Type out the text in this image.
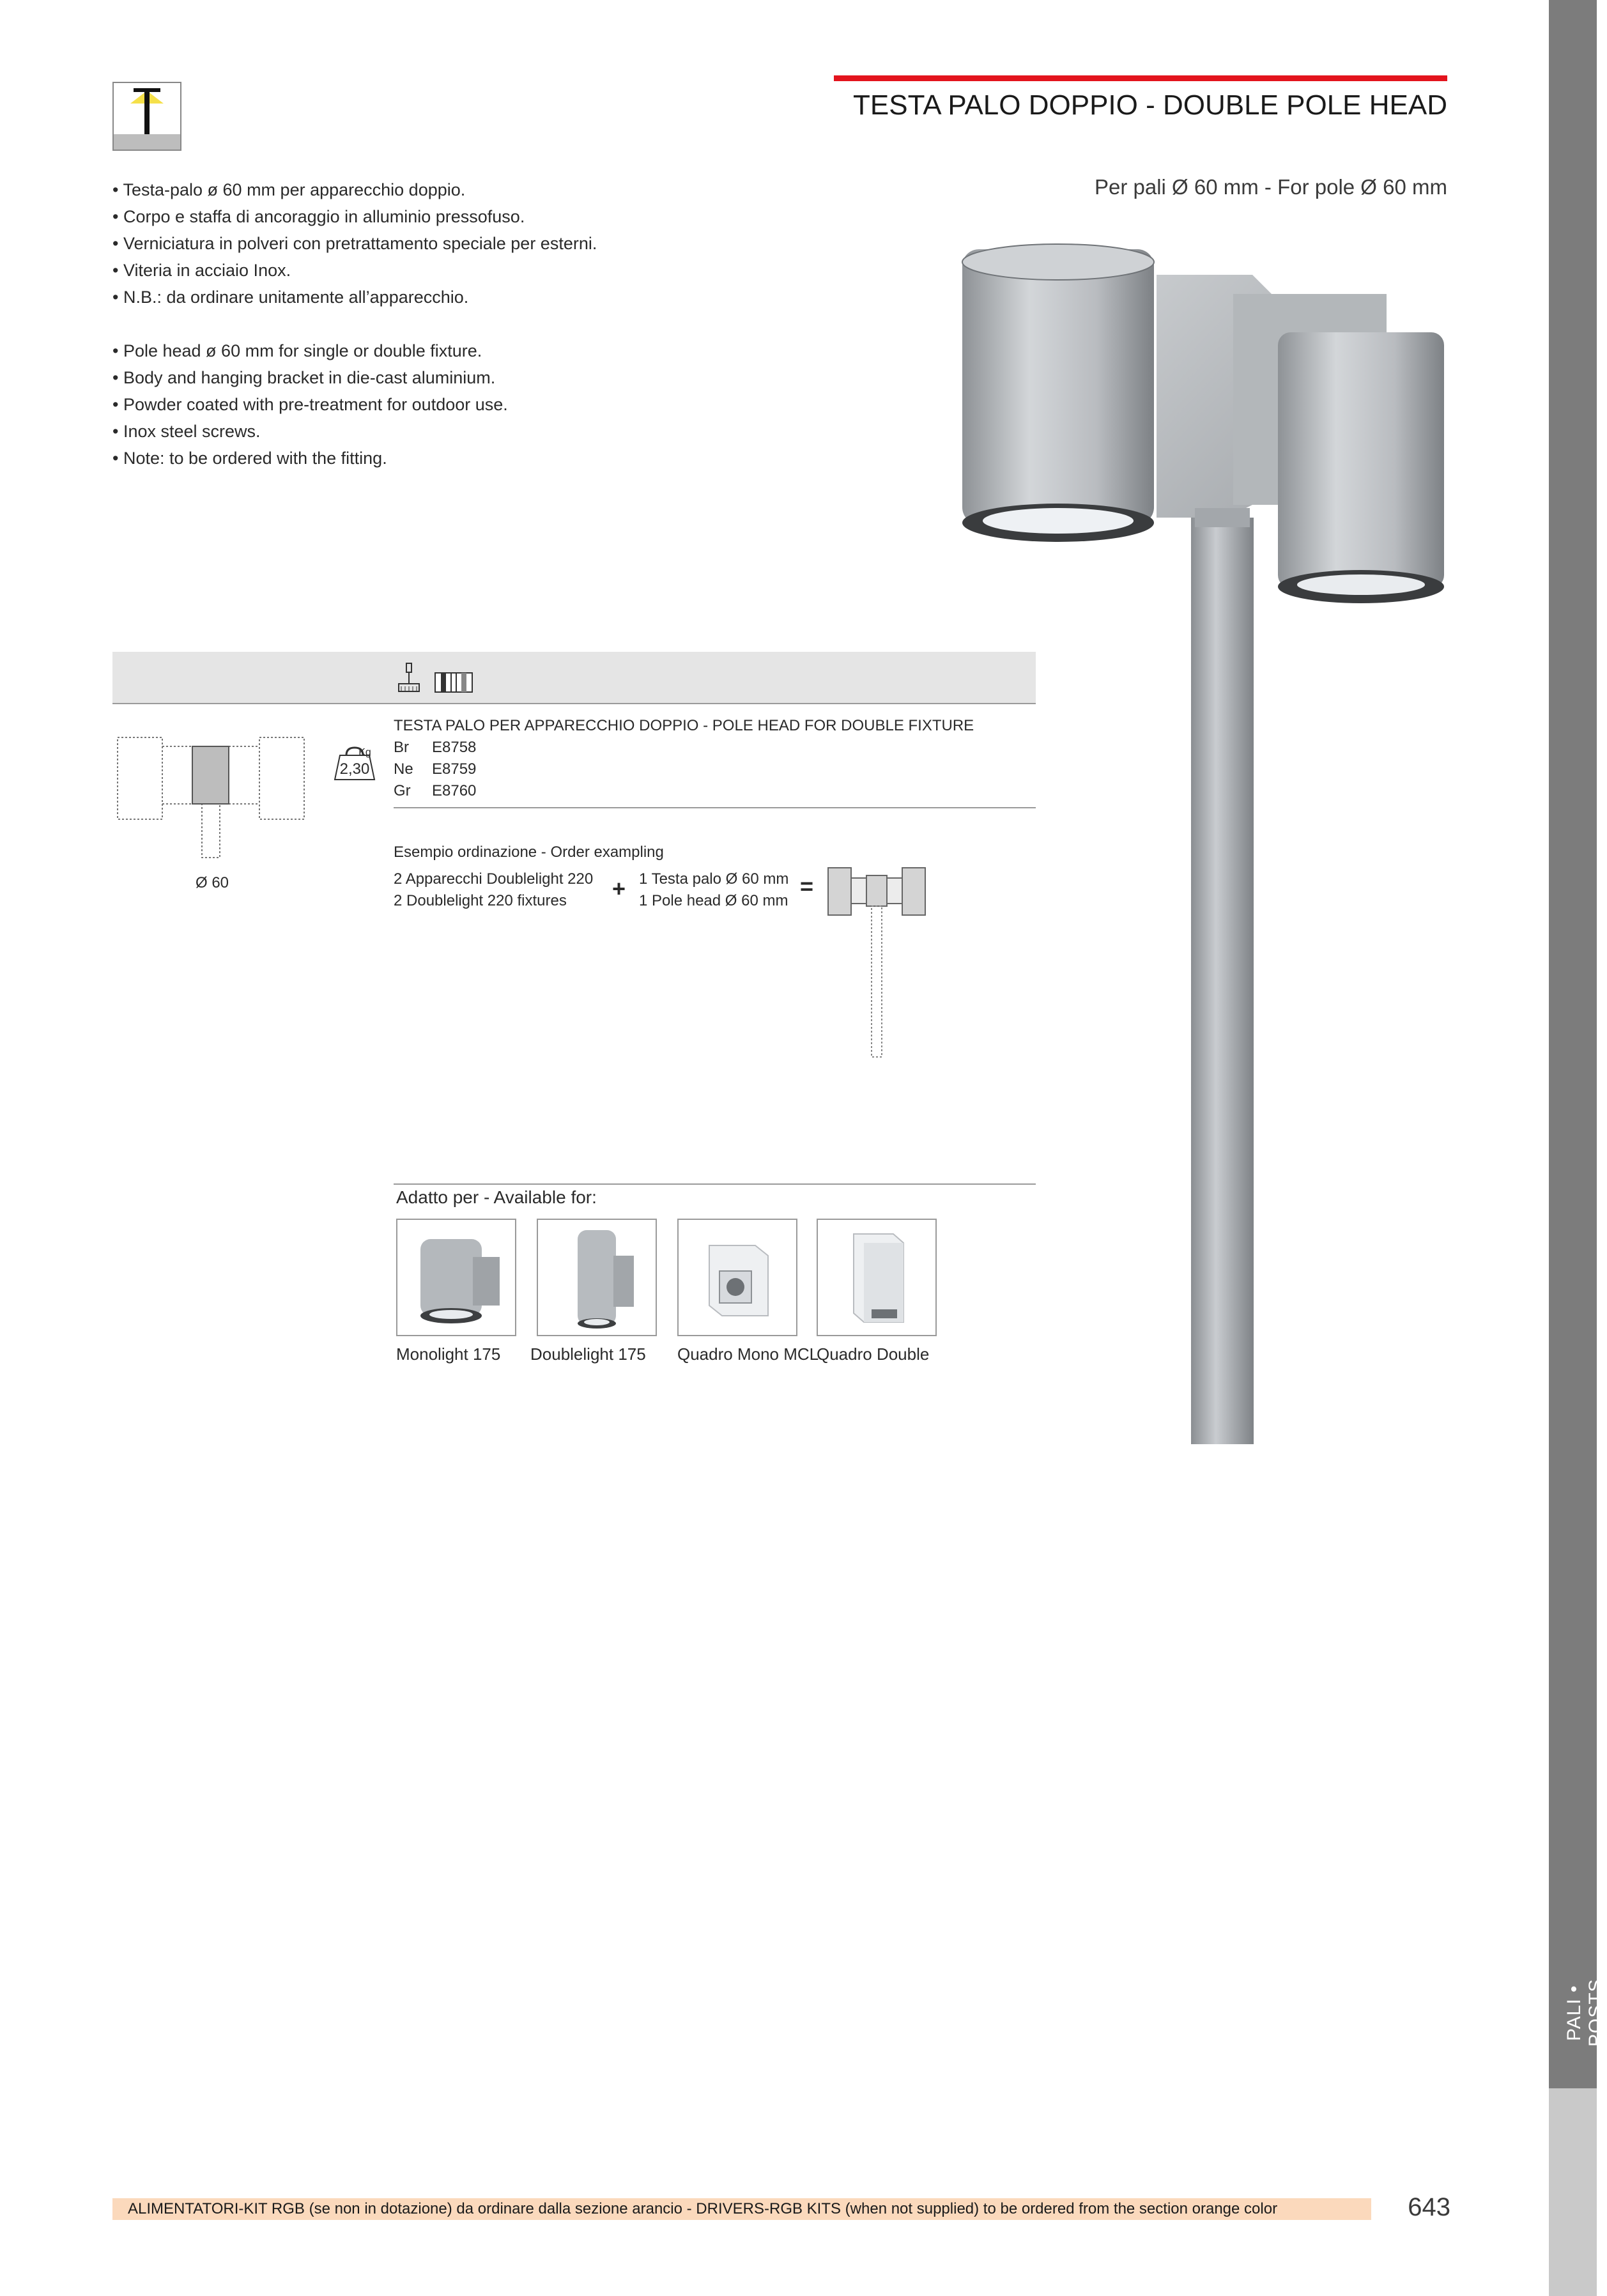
PALI • POSTS
TESTA PALO DOPPIO - DOUBLE POLE HEAD
Per pali Ø 60 mm - For pole Ø 60 mm
• Testa-palo ø 60 mm per apparecchio doppio.
• Corpo e staffa di ancoraggio in alluminio pressofuso.
• Verniciatura in polveri con pretrattamento speciale per esterni.
• Viteria in acciaio Inox.
• N.B.: da ordinare unitamente all’apparecchio.
• Pole head ø 60 mm for single or double fixture.
• Body and hanging bracket in die-cast aluminium.
• Powder coated with pre-treatment for outdoor use.
• Inox steel screws.
• Note: to be ordered with the fitting.
Ø 60
Kg
2,30
TESTA PALO PER APPARECCHIO DOPPIO - POLE HEAD FOR DOUBLE FIXTURE
Br E8758
Ne E8759
Gr E8760
Esempio ordinazione - Order exampling
2 Apparecchi Doublelight 220
2 Doublelight 220 fixtures + 1 Testa palo Ø 60 mm
1 Pole head Ø 60 mm
=
Adatto per - Available for:
Monolight 175	Doublelight 175	Quadro Mono MCL
Quadro Double
ALIMENTATORI-KIT RGB (se non in dotazione) da ordinare dalla sezione arancio - DRIVERS-RGB KITS (when not supplied) to be ordered from the section orange color	643
